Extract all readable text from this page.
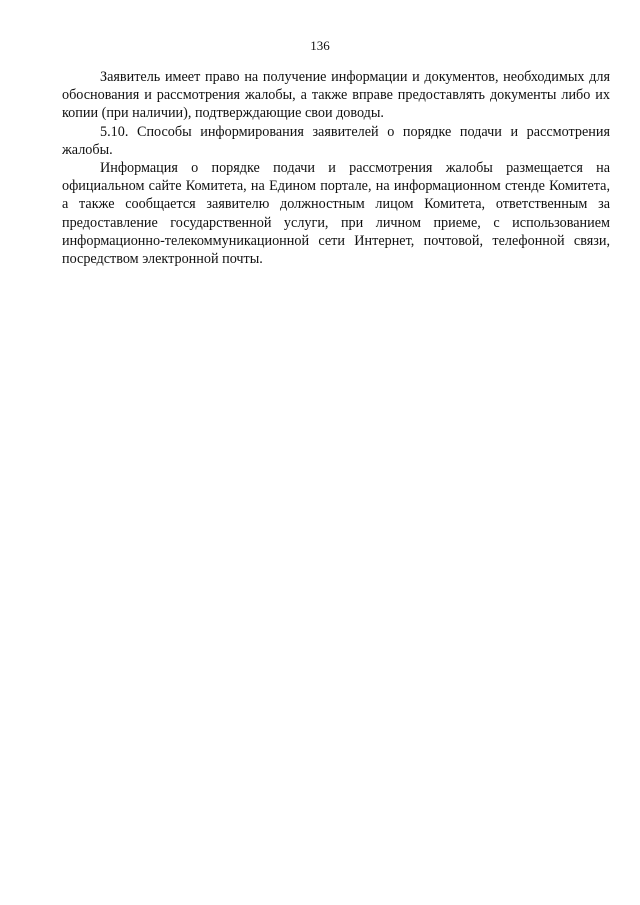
136

Заявитель имеет право на получение информации и документов, необходимых для обоснования и рассмотрения жалобы, а также вправе предоставлять документы либо их копии (при наличии), подтверждающие свои доводы.

5.10. Способы информирования заявителей о порядке подачи и рассмотрения жалобы.

Информация о порядке подачи и рассмотрения жалобы размещается на официальном сайте Комитета, на Едином портале, на информационном стенде Комитета, а также сообщается заявителю должностным лицом Комитета, ответственным за предоставление государственной услуги, при личном приеме, с использованием информационно-телекоммуникационной сети Интернет, почтовой, телефонной связи, посредством электронной почты.
